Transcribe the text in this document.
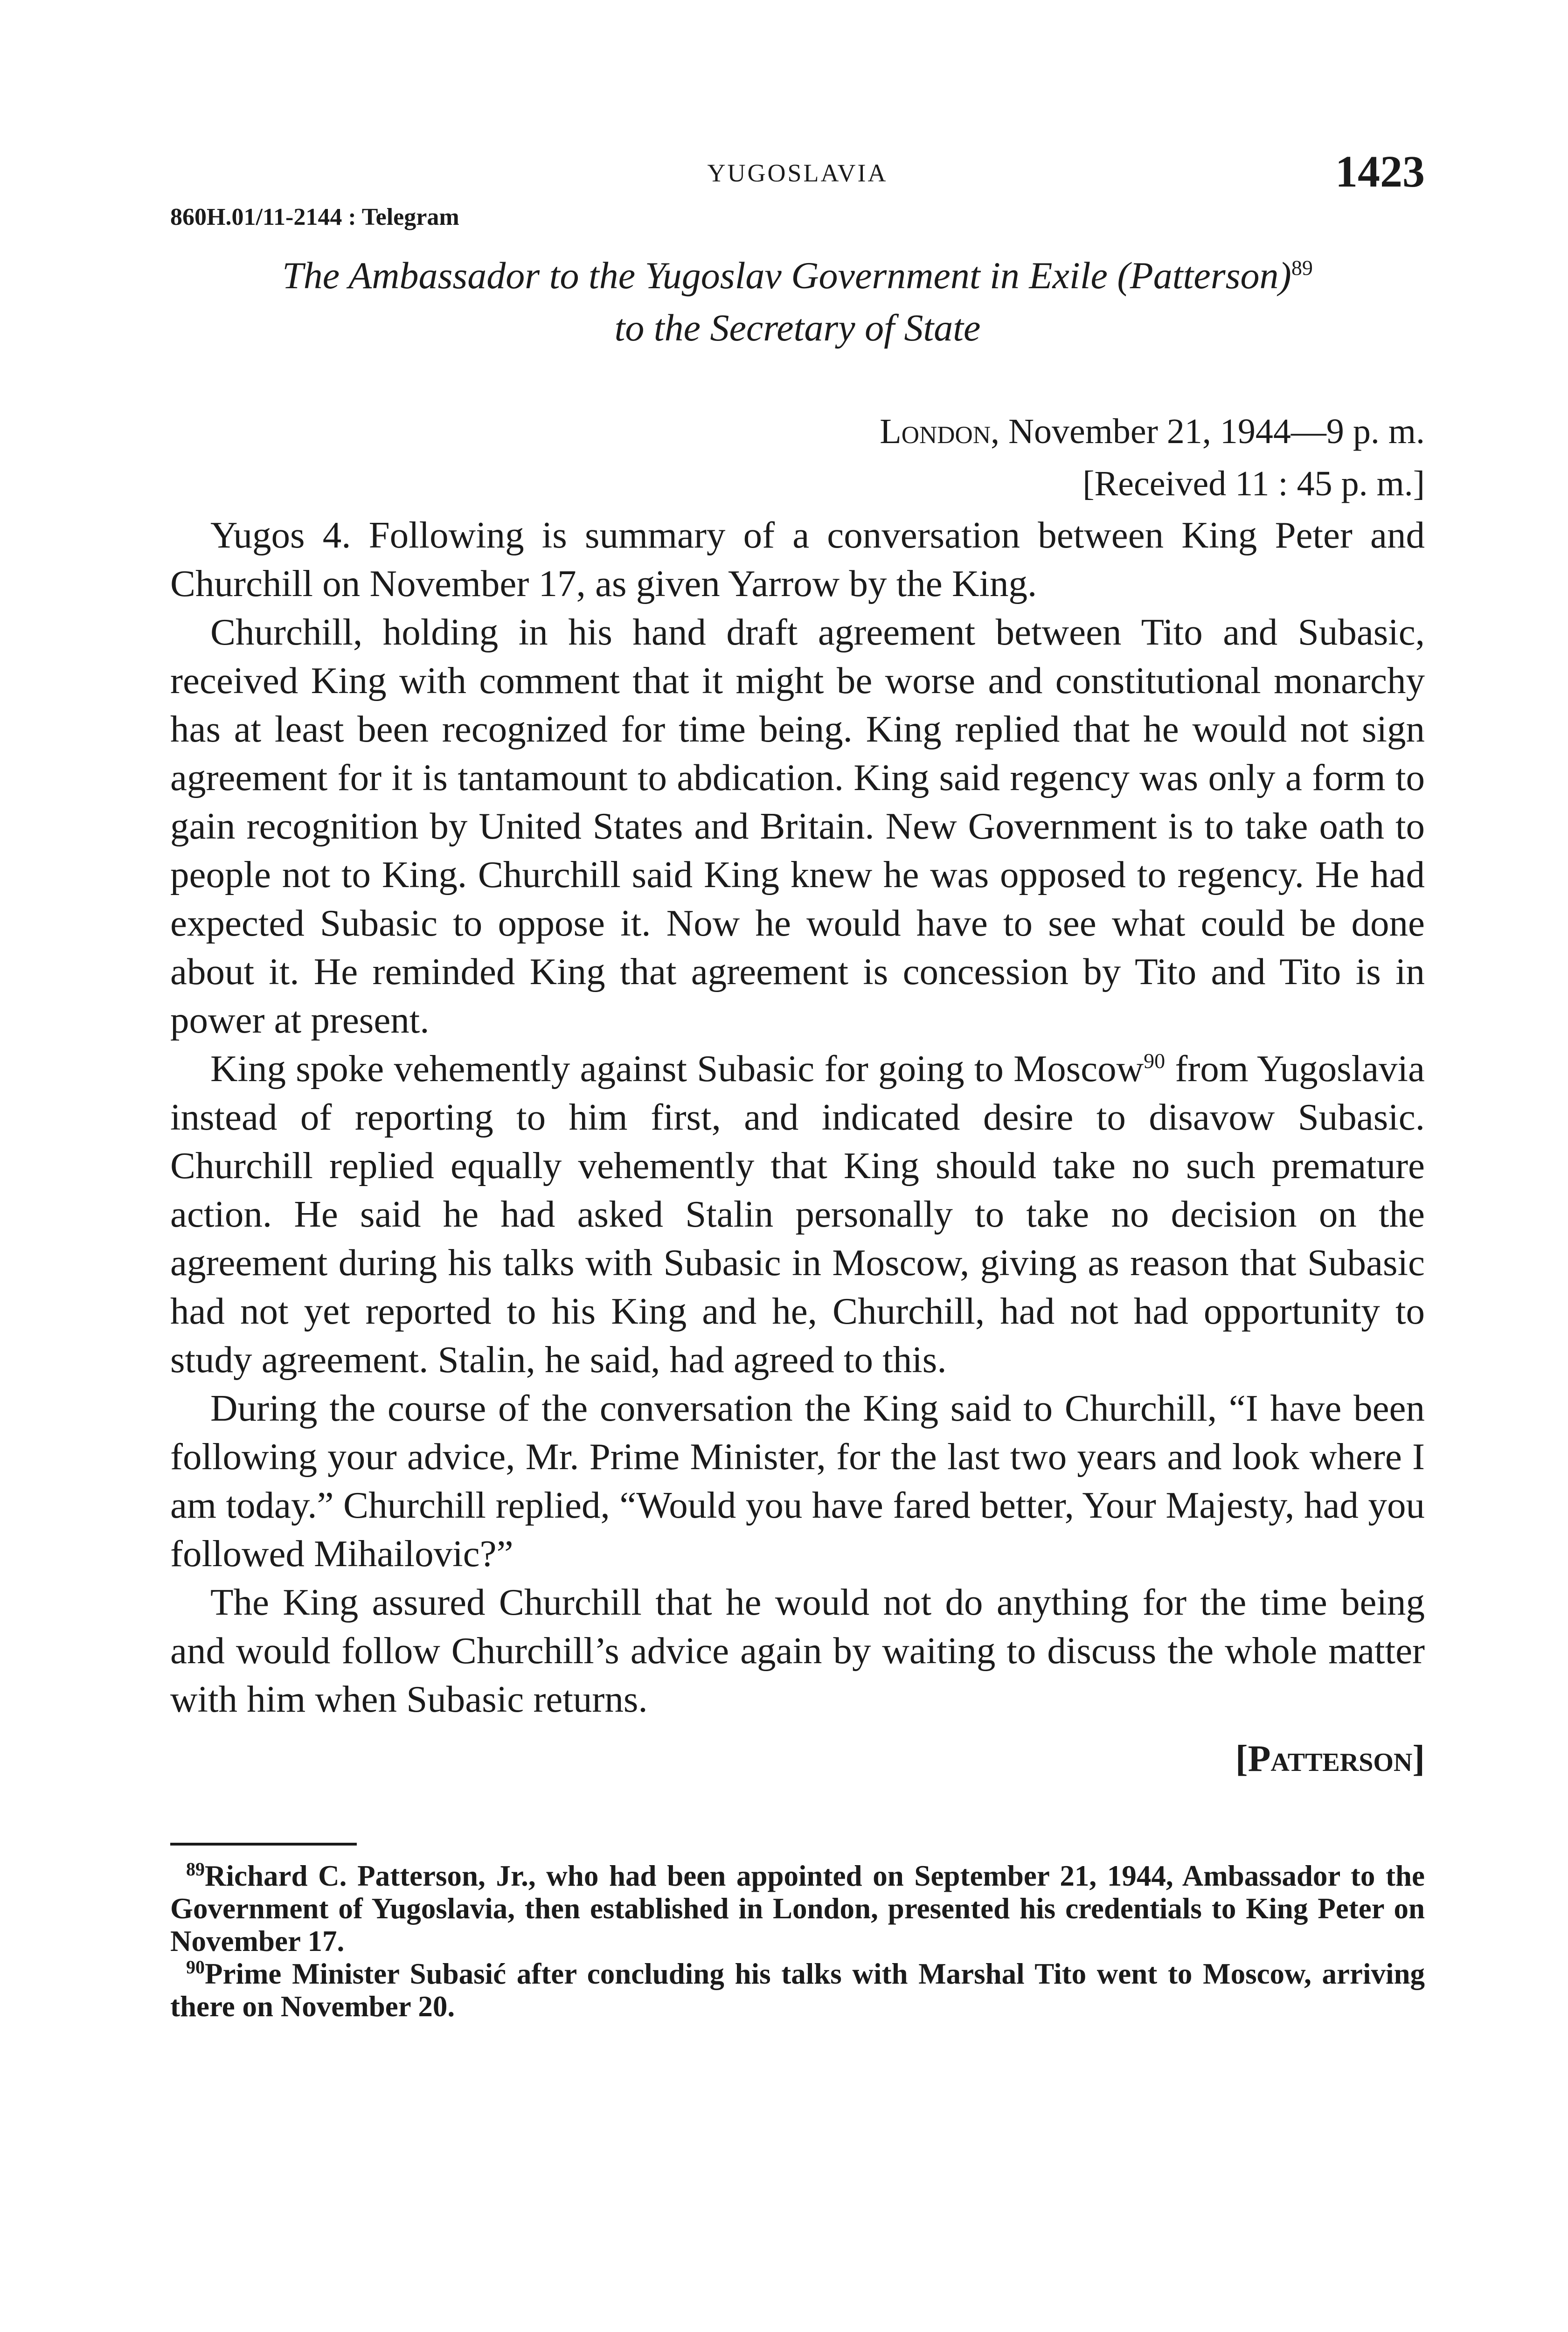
YUGOSLAVIA	1423
860H.01/11-2144 : Telegram
The Ambassador to the Yugoslav Government in Exile (Patterson)$^{89}$
to the Secretary of State
London, November 21, 1944—9 p. m.
[Received 11 : 45 p. m.]

Yugos 4. Following is summary of a conversation between King Peter and Churchill on November 17, as given Yarrow by the King.

Churchill, holding in his hand draft agreement between Tito and Subasic, received King with comment that it might be worse and constitutional monarchy has at least been recognized for time being. King replied that he would not sign agreement for it is tantamount to abdication. King said regency was only a form to gain recognition by United States and Britain. New Government is to take oath to people not to King. Churchill said King knew he was opposed to regency. He had expected Subasic to oppose it. Now he would have to see what could be done about it. He reminded King that agreement is concession by Tito and Tito is in power at present.

King spoke vehemently against Subasic for going to Moscow$^{90}$ from Yugoslavia instead of reporting to him first, and indicated desire to disavow Subasic. Churchill replied equally vehemently that King should take no such premature action. He said he had asked Stalin personally to take no decision on the agreement during his talks with Subasic in Moscow, giving as reason that Subasic had not yet reported to his King and he, Churchill, had not had opportunity to study agreement. Stalin, he said, had agreed to this.

During the course of the conversation the King said to Churchill, “I have been following your advice, Mr. Prime Minister, for the last two years and look where I am today.” Churchill replied, “Would you have fared better, Your Majesty, had you followed Mihailovic?”

The King assured Churchill that he would not do anything for the time being and would follow Churchill’s advice again by waiting to discuss the whole matter with him when Subasic returns.

[Patterson]

$^{89}$Richard C. Patterson, Jr., who had been appointed on September 21, 1944, Ambassador to the Government of Yugoslavia, then established in London, presented his credentials to King Peter on November 17.

$^{90}$Prime Minister Subasić after concluding his talks with Marshal Tito went to Moscow, arriving there on November 20.
